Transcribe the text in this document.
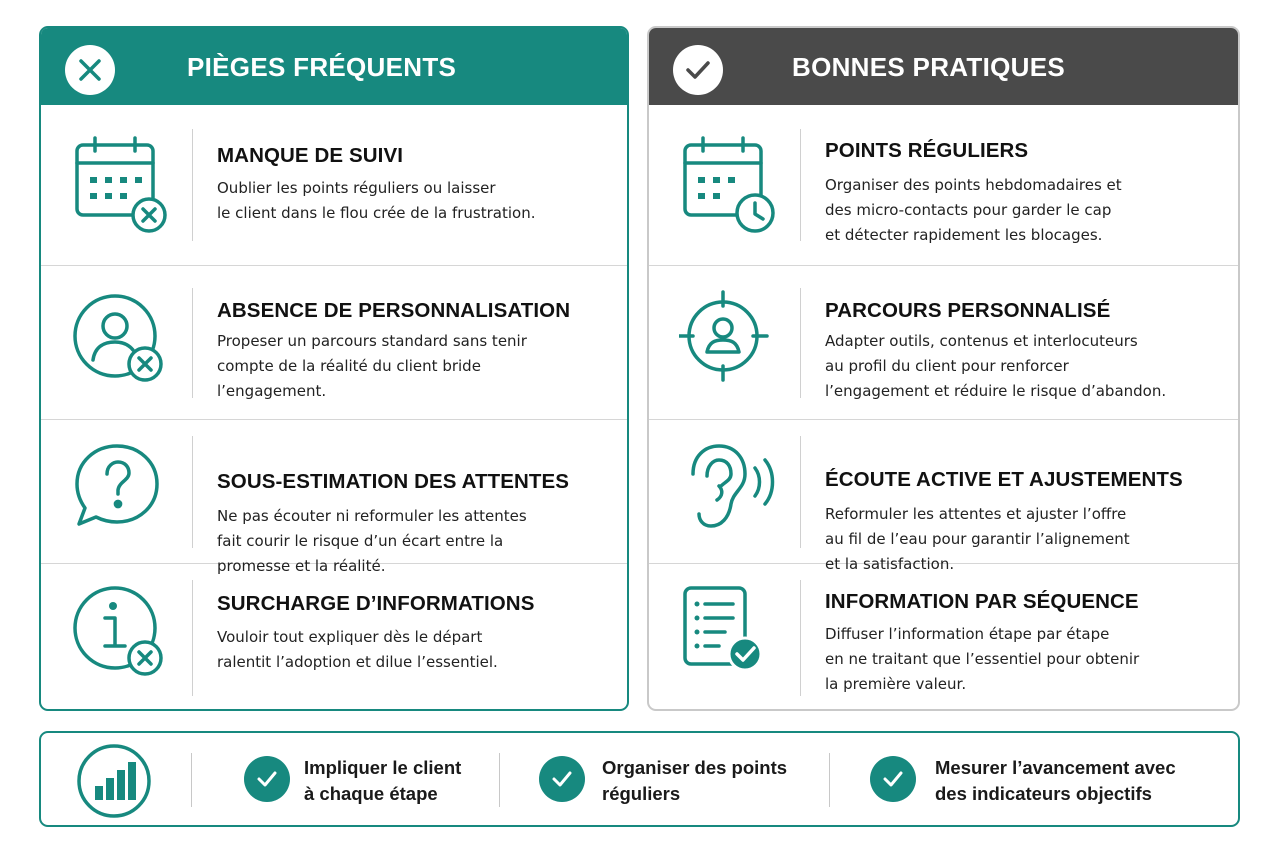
PIÈGES FRÉQUENTS
MANQUE DE SUIVI
Oublier les points réguliers ou laisser
le client dans le flou crée de la frustration.
ABSENCE DE PERSONNALISATION
Propeser un parcours standard sans tenir
compte de la réalité du client bride
l’engagement.
SOUS-ESTIMATION DES ATTENTES
Ne pas écouter ni reformuler les attentes
fait courir le risque d’un écart entre la
promesse et la réalité.
SURCHARGE D’INFORMATIONS
Vouloir tout expliquer dès le départ
ralentit l’adoption et dilue l’essentiel.
BONNES PRATIQUES
POINTS RÉGULIERS
Organiser des points hebdomadaires et
des micro-contacts pour garder le cap
et détecter rapidement les blocages.
PARCOURS PERSONNALISÉ
Adapter outils, contenus et interlocuteurs
au profil du client pour renforcer
l’engagement et réduire le risque d’abandon.
ÉCOUTE ACTIVE ET AJUSTEMENTS
Reformuler les attentes et ajuster l’offre
au fil de l’eau pour garantir l’alignement
et la satisfaction.
INFORMATION PAR SÉQUENCE
Diffuser l’information étape par étape
en ne traitant que l’essentiel pour obtenir
la première valeur.
Impliquer le client
à chaque étape
Organiser des points
réguliers
Mesurer l’avancement avec
des indicateurs objectifs
